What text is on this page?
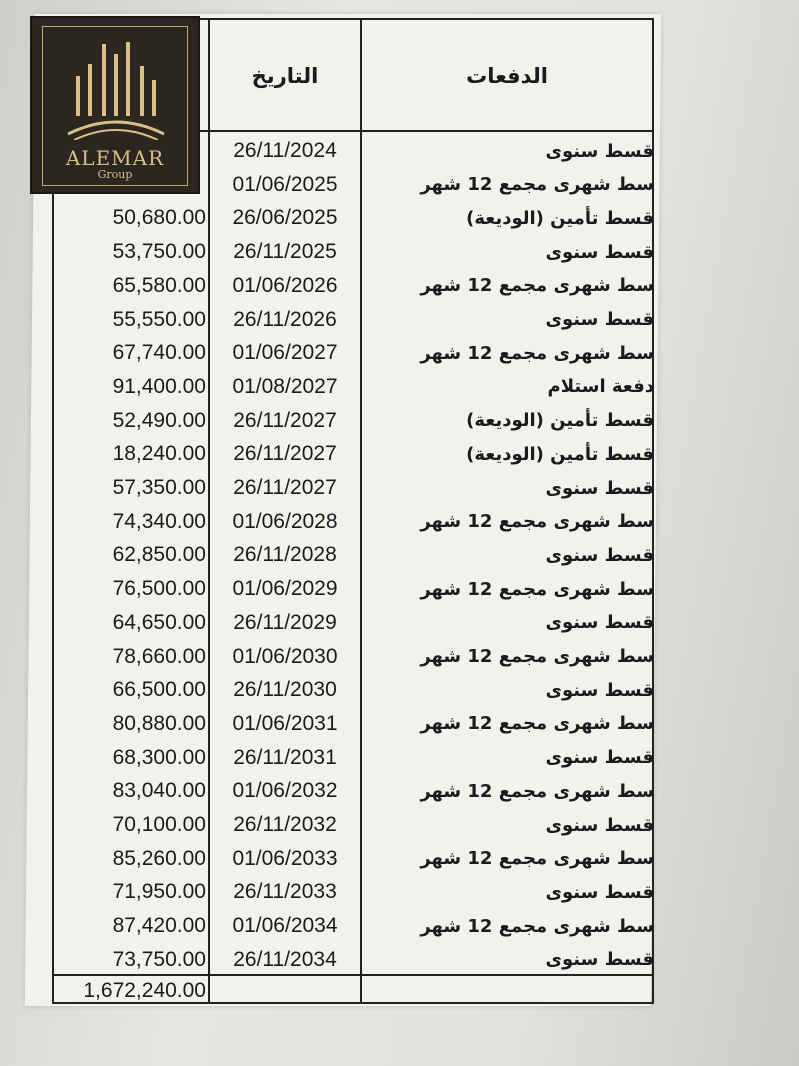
التاريخ	الدفعات
26/11/2024	قسط سنوى
01/06/2025	سط شهرى مجمع 12 شهر
50,680.00	26/06/2025	قسط تأمين (الوديعة)
53,750.00	26/11/2025	قسط سنوى
65,580.00	01/06/2026	سط شهرى مجمع 12 شهر
55,550.00	26/11/2026	قسط سنوى
67,740.00	01/06/2027	سط شهرى مجمع 12 شهر
91,400.00	01/08/2027	دفعة استلام
52,490.00	26/11/2027	قسط تأمين (الوديعة)
18,240.00	26/11/2027	قسط تأمين (الوديعة)
57,350.00	26/11/2027	قسط سنوى
74,340.00	01/06/2028	سط شهرى مجمع 12 شهر
62,850.00	26/11/2028	قسط سنوى
76,500.00	01/06/2029	سط شهرى مجمع 12 شهر
64,650.00	26/11/2029	قسط سنوى
78,660.00	01/06/2030	سط شهرى مجمع 12 شهر
66,500.00	26/11/2030	قسط سنوى
80,880.00	01/06/2031	سط شهرى مجمع 12 شهر
68,300.00	26/11/2031	قسط سنوى
83,040.00	01/06/2032	سط شهرى مجمع 12 شهر
70,100.00	26/11/2032	قسط سنوى
85,260.00	01/06/2033	سط شهرى مجمع 12 شهر
71,950.00	26/11/2033	قسط سنوى
87,420.00	01/06/2034	سط شهرى مجمع 12 شهر
73,750.00	26/11/2034	قسط سنوى
1,672,240.00
ALEMAR
Group
